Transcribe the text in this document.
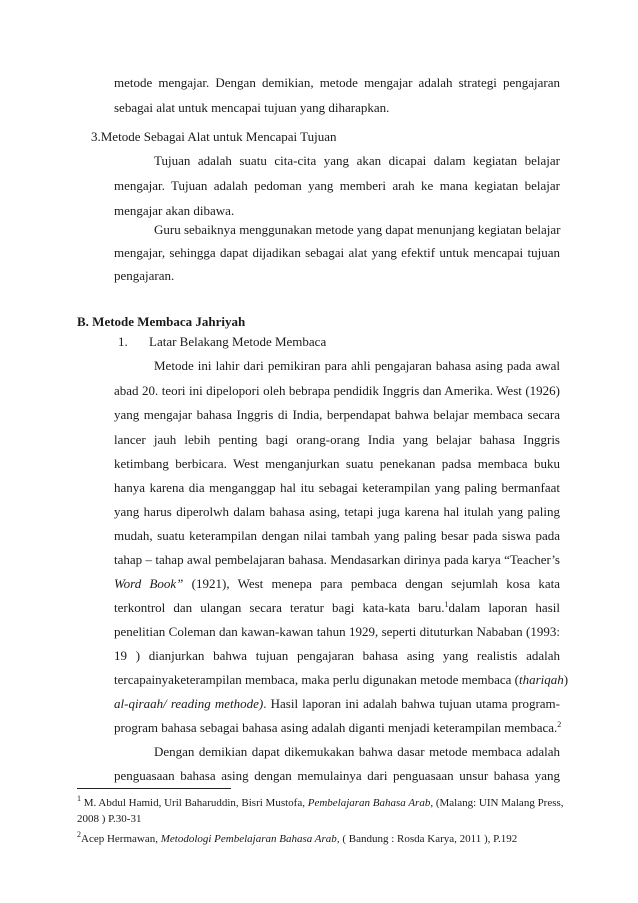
metode mengajar. Dengan demikian, metode mengajar adalah strategi pengajaran
sebagai alat untuk mencapai tujuan yang diharapkan.
3.Metode Sebagai Alat untuk Mencapai Tujuan
Tujuan adalah suatu cita-cita yang akan dicapai dalam kegiatan belajar
mengajar. Tujuan adalah pedoman yang memberi arah ke mana kegiatan belajar
mengajar akan dibawa.
Guru sebaiknya menggunakan metode yang dapat menunjang kegiatan belajar
mengajar, sehingga dapat dijadikan sebagai alat yang efektif untuk mencapai tujuan
pengajaran.
B. Metode Membaca Jahriyah
1. Latar Belakang Metode Membaca
Metode ini lahir dari pemikiran para ahli pengajaran bahasa asing pada awal
abad 20. teori ini dipelopori oleh bebrapa pendidik Inggris dan Amerika. West (1926)
yang mengajar bahasa Inggris di India, berpendapat bahwa belajar membaca secara
lancer jauh lebih penting bagi orang-orang India yang belajar bahasa Inggris
ketimbang berbicara. West menganjurkan suatu penekanan padsa membaca buku
hanya karena dia menganggap hal itu sebagai keterampilan yang paling bermanfaat
yang harus diperolwh dalam bahasa asing, tetapi juga karena hal itulah yang paling
mudah, suatu keterampilan dengan nilai tambah yang paling besar pada siswa pada
tahap – tahap awal pembelajaran bahasa. Mendasarkan dirinya pada karya “Teacher’s
Word Book” (1921), West menepa para pembaca dengan sejumlah kosa kata
terkontrol dan ulangan secara teratur bagi kata-kata baru.$^1$dalam laporan hasil
penelitian Coleman dan kawan-kawan tahun 1929, seperti dituturkan Nababan (1993:
19 ) dianjurkan bahwa tujuan pengajaran bahasa asing yang realistis adalah
tercapainyaketerampilan membaca, maka perlu digunakan metode membaca (thariqah)
al-qiraah/ reading methode). Hasil laporan ini adalah bahwa tujuan utama program-
program bahasa sebagai bahasa asing adalah diganti menjadi keterampilan membaca.$^2$
Dengan demikian dapat dikemukakan bahwa dasar metode membaca adalah
penguasaan bahasa asing dengan memulainya dari penguasaan unsur bahasa yang
$^1$ M. Abdul Hamid, Uril Baharuddin, Bisri Mustofa, Pembelajaran Bahasa Arab, (Malang: UIN Malang Press,
2008 ) P.30-31
$^2$Acep Hermawan, Metodologi Pembelajaran Bahasa Arab, ( Bandung : Rosda Karya, 2011 ), P.192
